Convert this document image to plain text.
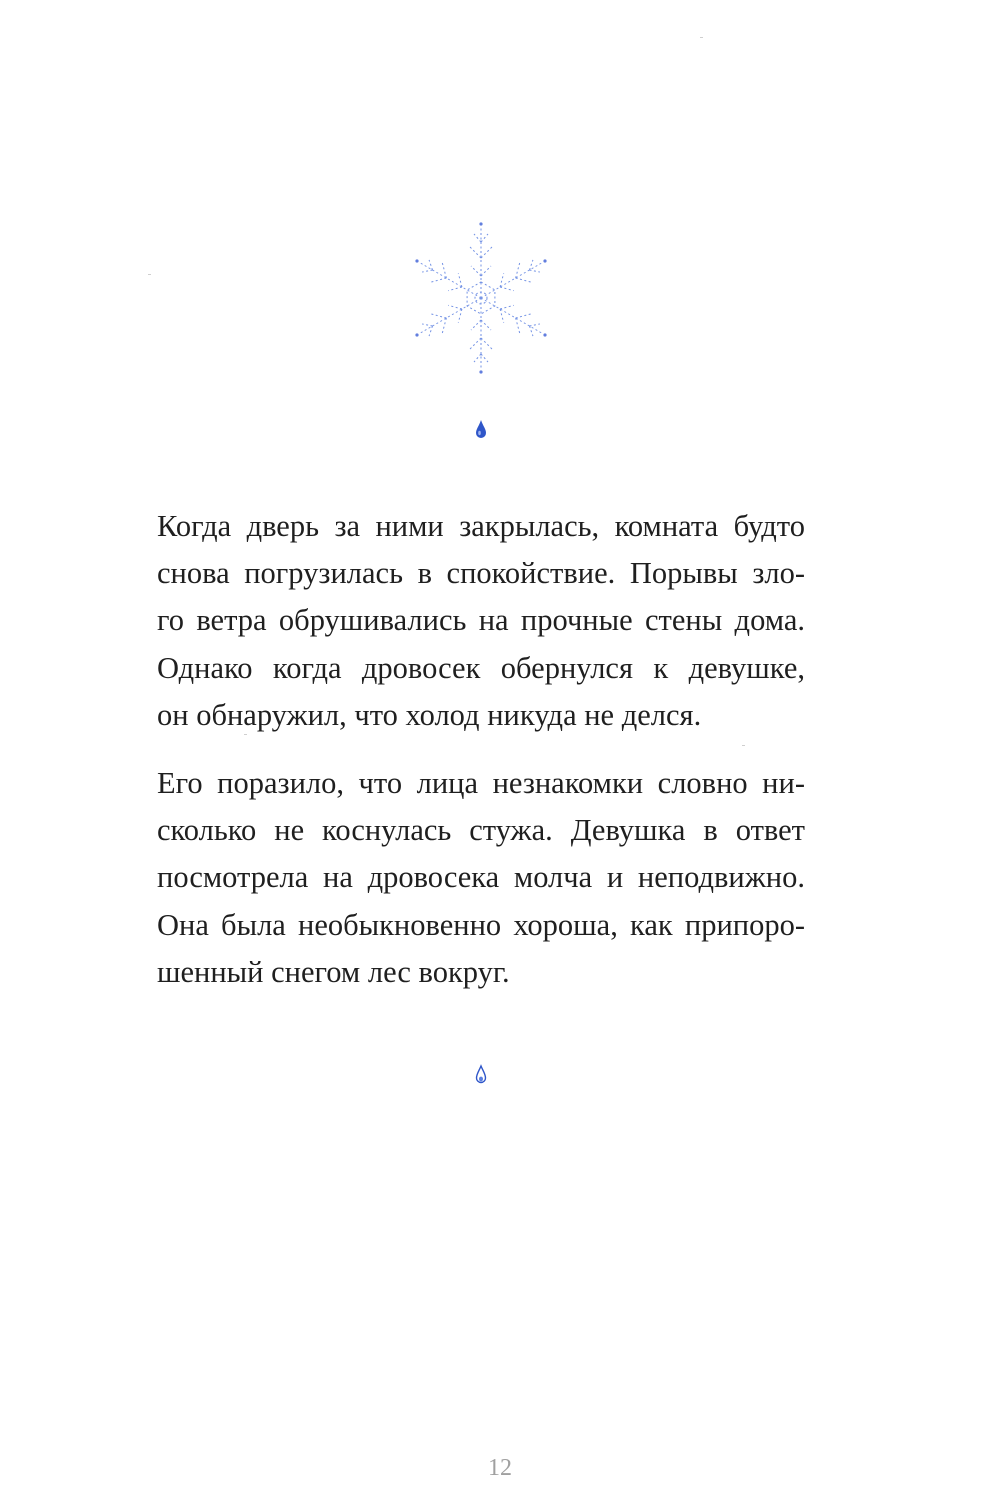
Когда дверь за ними закрылась, комната будто
снова погрузилась в спокойствие. Порывы зло-
го ветра обрушивались на прочные стены дома.
Однако когда дровосек обернулся к девушке,
он обнаружил, что холод никуда не делся.
Его поразило, что лица незнакомки словно ни-
сколько не коснулась стужа. Девушка в ответ
посмотрела на дровосека молча и неподвижно.
Она была необыкновенно хороша, как припоро-
шенный снегом лес вокруг.
12
